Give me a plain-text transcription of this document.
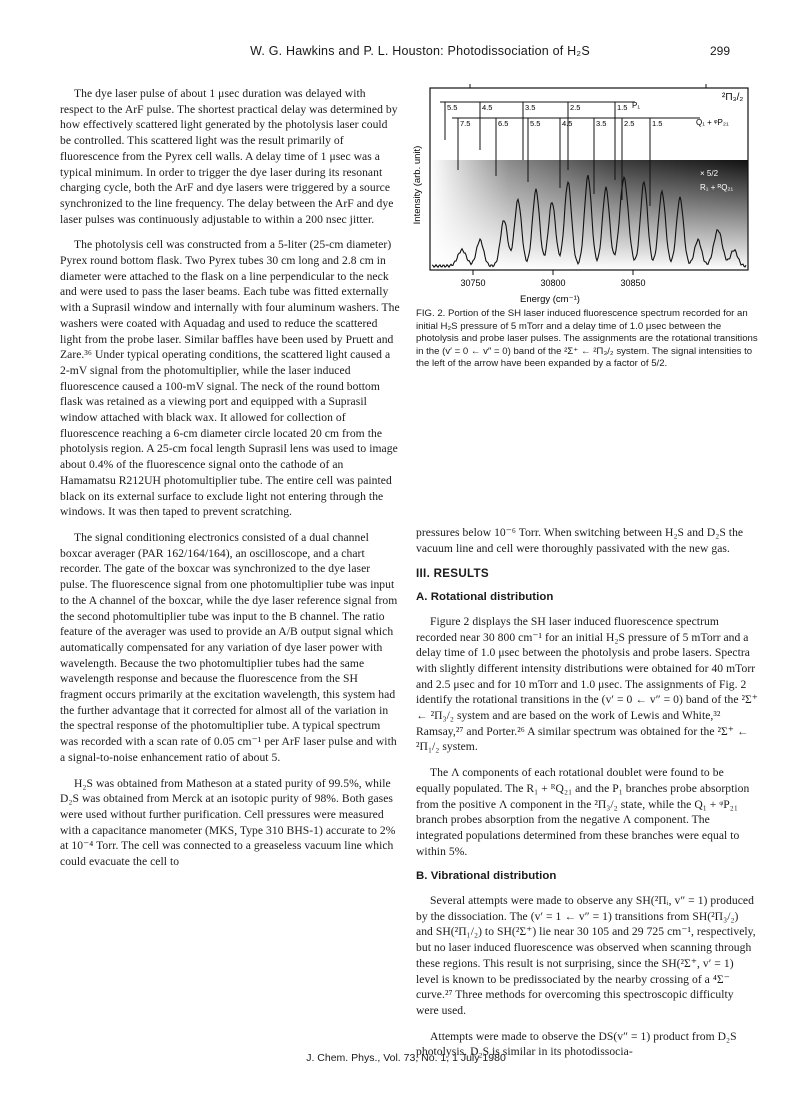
W. G. Hawkins and P. L. Houston: Photodissociation of H₂S	299

The dye laser pulse of about 1 μsec duration was delayed with respect to the ArF pulse. The shortest practical delay was determined by how effectively scattered light generated by the photolysis laser could be controlled. This scattered light was the result primarily of fluorescence from the Pyrex cell walls. A delay time of 1 μsec was a typical minimum. In order to trigger the dye laser during its resonant charging cycle, both the ArF and dye lasers were triggered by a source synchronized to the line frequency. The delay between the ArF and dye laser pulses was continuously adjustable to within a 200 nsec jitter.

The photolysis cell was constructed from a 5-liter (25-cm diameter) Pyrex round bottom flask. Two Pyrex tubes 30 cm long and 2.8 cm in diameter were attached to the flask on a line perpendicular to the neck and were used to pass the laser beams. Each tube was fitted externally with a Suprasil window and internally with four aluminum washers. The washers were coated with Aquadag and used to reduce the scattered light from the probe laser. Similar baffles have been used by Pruett and Zare.³⁶ Under typical operating conditions, the scattered light caused a 2-mV signal from the photomultiplier, while the laser induced fluorescence caused a 100-mV signal. The neck of the round bottom flask was retained as a viewing port and equipped with a Suprasil window attached with black wax. It allowed for collection of fluorescence reaching a 6-cm diameter circle located 20 cm from the photolysis region. A 25-cm focal length Suprasil lens was used to image about 0.4% of the fluorescence signal onto the cathode of an Hamamatsu R212UH photomultiplier tube. The entire cell was painted black on its external surface to exclude light not entering through the windows. It was then taped to prevent scratching.

The signal conditioning electronics consisted of a dual channel boxcar averager (PAR 162/164/164), an oscilloscope, and a chart recorder. The gate of the boxcar was synchronized to the dye laser pulse. The fluorescence signal from one photomultiplier tube was input to the A channel of the boxcar, while the dye laser reference signal from the second photomultiplier tube was input to the B channel. The ratio feature of the averager was used to provide an A/B output signal which automatically compensated for any variation of dye laser power with wavelength. Because the two photomultiplier tubes had the same wavelength response and because the fluorescence from the SH fragment occurs primarily at the excitation wavelength, this system had the further advantage that it corrected for almost all of the variation in the spectral response of the photomultiplier tube. A typical spectrum was recorded with a scan rate of 0.05 cm⁻¹ per ArF laser pulse and with a signal-to-noise enhancement ratio of about 5.

H₂S was obtained from Matheson at a stated purity of 99.5%, while D₂S was obtained from Merck at an isotopic purity of 98%. Both gases were used without further purification. Cell pressures were measured with a capacitance manometer (MKS, Type 310 BHS-1) accurate to 2% at 10⁻⁴ Torr. The cell was connected to a greaseless vacuum line which could evacuate the cell to

30750	30800	30850
Energy (cm⁻¹)
Intensity (arb. unit)
²Π₃/₂
P₁
Q₁ + ᵠP₂₁
R₁ + ᴿQ₂₁
× 5/2
5.5	4.5	3.5	2.5	1.5
7.5	6.5	5.5	4.5	3.5 2.5 1.5
FIG. 2. Portion of the SH laser induced fluorescence spectrum recorded for an initial H₂S pressure of 5 mTorr and a delay time of 1.0 μsec between the photolysis and probe laser pulses. The assignments are the rotational transitions in the (v′ = 0 ← v″ = 0) band of the ²Σ⁺ ← ²Π₃/₂ system. The signal intensities to the left of the arrow have been expanded by a factor of 5/2.

pressures below 10⁻⁶ Torr. When switching between H₂S and D₂S the vacuum line and cell were thoroughly passivated with the new gas.

III. RESULTS
A. Rotational distribution

Figure 2 displays the SH laser induced fluorescence spectrum recorded near 30 800 cm⁻¹ for an initial H₂S pressure of 5 mTorr and a delay time of 1.0 μsec between the photolysis and probe lasers. Spectra with slightly different intensity distributions were obtained for 40 mTorr and 2.5 μsec and for 10 mTorr and 1.0 μsec. The assignments of Fig. 2 identify the rotational transitions in the (v′ = 0 ← v″ = 0) band of the ²Σ⁺ ← ²Π₃/₂ system and are based on the work of Lewis and White,³² Ramsay,²⁷ and Porter.²⁶ A similar spectrum was obtained for the ²Σ⁺ ← ²Π₁/₂ system.

The Λ components of each rotational doublet were found to be equally populated. The R₁ + ᴿQ₂₁ and the P₁ branches probe absorption from the positive Λ component in the ²Π₃/₂ state, while the Q₁ + ᵠP₂₁ branch probes absorption from the negative Λ component. The integrated populations determined from these branches were equal to within 5%.

B. Vibrational distribution

Several attempts were made to observe any SH(²Πᵢ, v″ = 1) produced by the dissociation. The (v′ = 1 ← v″ = 1) transitions from SH(²Π₃/₂) and SH(²Π₁/₂) to SH(²Σ⁺) lie near 30 105 and 29 725 cm⁻¹, respectively, but no laser induced fluorescence was observed when scanning through these regions. This result is not surprising, since the SH(²Σ⁺, v′ = 1) level is known to be predissociated by the nearby crossing of a ⁴Σ⁻ curve.²⁷ Three methods for overcoming this spectroscopic difficulty were used.

Attempts were made to observe the DS(v″ = 1) product from D₂S photolysis. D₂S is similar in its photodissocia-

J. Chem. Phys., Vol. 73, No. 1, 1 July 1980
